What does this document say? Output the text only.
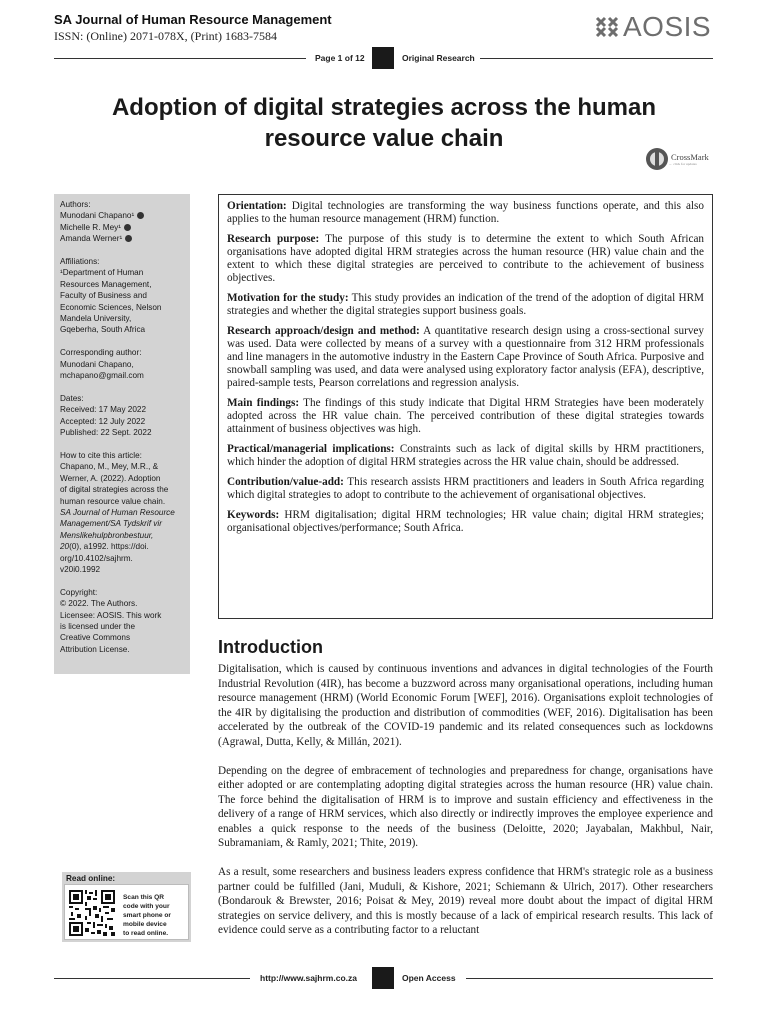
SA Journal of Human Resource Management
ISSN: (Online) 2071-078X, (Print) 1683-7584	AOSIS
Page 1 of 12	Original Research
Adoption of digital strategies across the human
resource value chain
CrossMark
← click for updates
Authors:
Munodani Chapano¹
Michelle R. Mey¹
Amanda Werner¹
Affiliations:
¹Department of Human
Resources Management,
Faculty of Business and
Economic Sciences, Nelson
Mandela University,
Gqeberha, South Africa
Corresponding author:
Munodani Chapano,
mchapano@gmail.com
Dates:
Received: 17 May 2022
Accepted: 12 July 2022
Published: 22 Sept. 2022
How to cite this article:
Chapano, M., Mey, M.R., &
Werner, A. (2022). Adoption
of digital strategies across the
human resource value chain.
SA Journal of Human Resource
Management/SA Tydskrif vir
Menslikehulpbronbestuur,
20(0), a1992. https://doi.
org/10.4102/sajhrm.
v20i0.1992
Copyright:
© 2022. The Authors.
Licensee: AOSIS. This work
is licensed under the
Creative Commons
Attribution License.
Orientation: Digital technologies are transforming the way business functions operate, and this also applies to the human resource management (HRM) function.
Research purpose: The purpose of this study is to determine the extent to which South African organisations have adopted digital HRM strategies across the human resource (HR) value chain and the extent to which these digital strategies are perceived to contribute to the achievement of business objectives.
Motivation for the study: This study provides an indication of the trend of the adoption of digital HRM strategies and whether the digital strategies support business goals.
Research approach/design and method: A quantitative research design using a cross-sectional survey was used. Data were collected by means of a survey with a questionnaire from 312 HRM professionals and line managers in the automotive industry in the Eastern Cape Province of South Africa. Purposive and snowball sampling was used, and data were analysed using exploratory factor analysis (EFA), descriptive, paired-sample tests, Pearson correlations and regression analysis.
Main findings: The findings of this study indicate that Digital HRM Strategies have been moderately adopted across the HR value chain. The perceived contribution of these digital strategies towards attainment of business objectives was high.
Practical/managerial implications: Constraints such as lack of digital skills by HRM practitioners, which hinder the adoption of digital HRM strategies across the HR value chain, should be addressed.
Contribution/value-add: This research assists HRM practitioners and leaders in South Africa regarding which digital strategies to adopt to contribute to the achievement of organisational objectives.
Keywords: HRM digitalisation; digital HRM technologies; HR value chain; digital HRM strategies; organisational objectives/performance; South Africa.
Introduction

Digitalisation, which is caused by continuous inventions and advances in digital technologies of the Fourth Industrial Revolution (4IR), has become a buzzword across many organisational operations, including human resource management (HRM) (World Economic Forum [WEF], 2016). Organisations exploit technologies of the 4IR by digitalising the production and distribution of commodities (WEF, 2016). Digitalisation has been accelerated by the outbreak of the COVID-19 pandemic and its related consequences such as lockdowns (Agrawal, Dutta, Kelly, & Millán, 2021).

Depending on the degree of embracement of technologies and preparedness for change, organisations have either adopted or are contemplating adopting digital strategies across the human resource (HR) value chain. The force behind the digitalisation of HRM is to improve and sustain efficiency and effectiveness in the delivery of a range of HRM services, which also directly or indirectly improves the employee experience and enables a quick response to the needs of the business (Deloitte, 2020; Jayabalan, Makhbul, Nair, Subramaniam, & Ramly, 2021; Thite, 2019).

As a result, some researchers and business leaders express confidence that HRM's strategic role as a business partner could be fulfilled (Jani, Muduli, & Kishore, 2021; Schiemann & Ulrich, 2017). Other researchers (Bondarouk & Brewster, 2016; Poisat & Mey, 2019) reveal more doubt about the impact of digital HRM strategies on service delivery, and this is mostly because of a lack of empirical research results. This lack of evidence could serve as a contributing factor to a reluctant

Read online:
Scan this QR
code with your
smart phone or
mobile device
to read online.
http://www.sajhrm.co.za	Open Access
